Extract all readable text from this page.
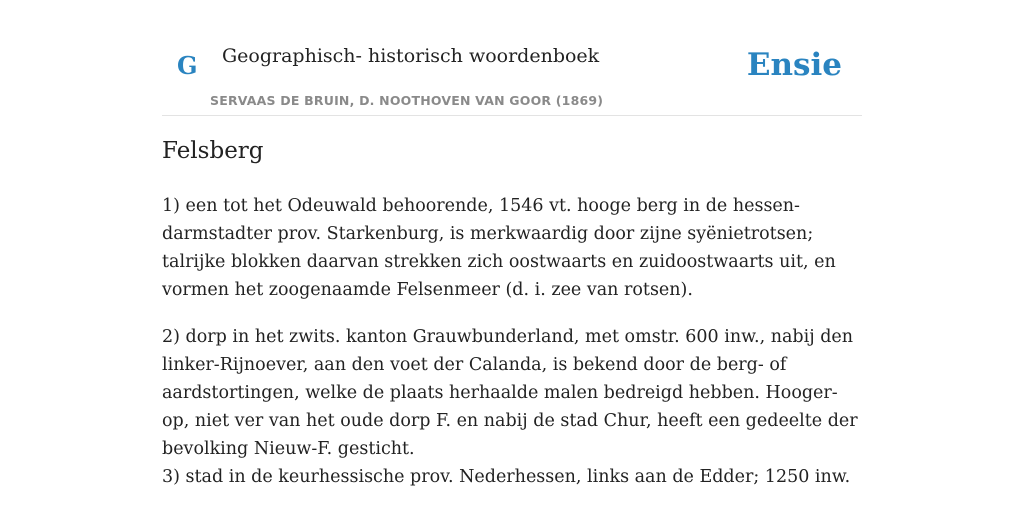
G Geographisch- historisch woordenboek
SERVAAS DE BRUIN, D. NOOTHOVEN VAN GOOR (1869)
Ensie
Felsberg

1) een tot het Odeuwald behoorende, 1546 vt. hooge berg in de hessen-darmstadter prov. Starkenburg, is merkwaardig door zijne syënietrotsen; talrijke blokken daarvan strekken zich oostwaarts en zuidoostwaarts uit, en vormen het zoogenaamde Felsenmeer (d. i. zee van rotsen).

2) dorp in het zwits. kanton Grauwbunderland, met omstr. 600 inw., nabij den linker-Rijnoever, aan den voet der Calanda, is bekend door de berg- of aardstortingen, welke de plaats herhaalde malen bedreigd hebben. Hooger-op, niet ver van het oude dorp F. en nabij de stad Chur, heeft een gedeelte der bevolking Nieuw-F. gesticht.

3) stad in de keurhessische prov. Nederhessen, links aan de Edder; 1250 inw.
